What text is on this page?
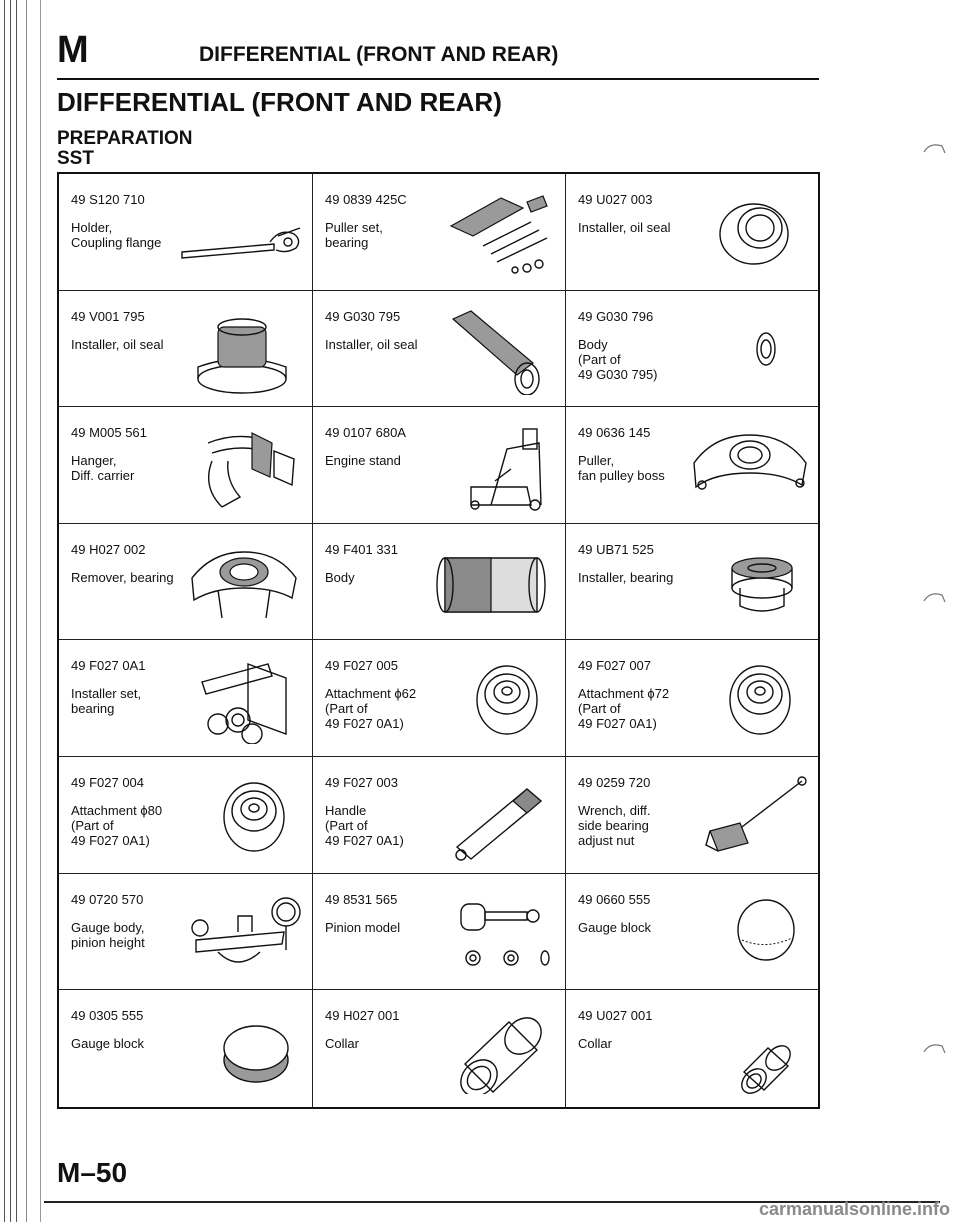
M	DIFFERENTIAL (FRONT AND REAR)
DIFFERENTIAL (FRONT AND REAR)
PREPARATION
SST
49 S120 710
Holder,
Coupling flange
49 0839 425C
Puller set,
bearing
49 U027 003
Installer, oil seal
49 V001 795
Installer, oil seal
49 G030 795
Installer, oil seal
49 G030 796
Body
(Part of
49 G030 795)
49 M005 561
Hanger,
Diff. carrier
49 0107 680A
Engine stand
49 0636 145
Puller,
fan pulley boss
49 H027 002
Remover, bearing
49 F401 331
Body
49 UB71 525
Installer, bearing
49 F027 0A1
Installer set,
bearing
49 F027 005
Attachment ϕ62
(Part of
49 F027 0A1)
49 F027 007
Attachment ϕ72
(Part of
49 F027 0A1)
49 F027 004
Attachment ϕ80
(Part of
49 F027 0A1)
49 F027 003
Handle
(Part of
49 F027 0A1)
49 0259 720
Wrench, diff.
side bearing
adjust nut
49 0720 570
Gauge body,
pinion height
49 8531 565
Pinion model
49 0660 555
Gauge block
49 0305 555
Gauge block
49 H027 001
Collar
49 U027 001
Collar
M–50
carmanualsonline.info
